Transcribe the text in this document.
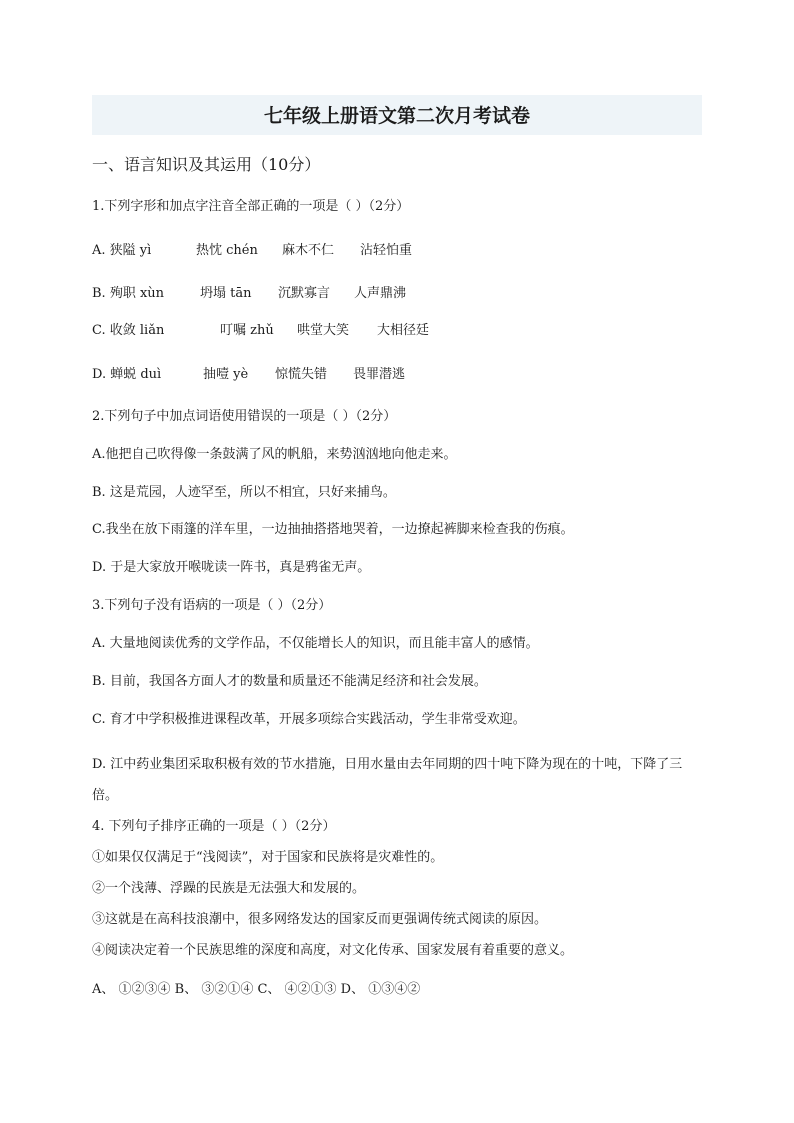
七年级上册语文第二次月考试卷
一、语言知识及其运用（10分）
1.下列字形和加点字注音全部正确的一项是（ ）（2分）
A. 狭隘 yì	热忱 chén	麻木不仁	沾轻怕重
B. 殉职 xùn	坍塌 tān	沉默寡言	人声鼎沸
C. 收敛 liǎn	叮嘱 zhǔ	哄堂大笑	大相径廷
D. 蝉蜕 duì	抽噎 yè	惊慌失错	畏罪潜逃
2.下列句子中加点词语使用错误的一项是（ ）（2分）
A.他把自己吹得像一条鼓满了风的帆船，来势汹汹地向他走来。
B. 这是荒园，人迹罕至，所以不相宜，只好来捕鸟。
C.我坐在放下雨篷的洋车里，一边抽抽搭搭地哭着，一边撩起裤脚来检查我的伤痕。
D. 于是大家放开喉咙读一阵书，真是鸦雀无声。
3.下列句子没有语病的一项是（ ）（2分）
A. 大量地阅读优秀的文学作品，不仅能增长人的知识，而且能丰富人的感情。
B. 目前，我国各方面人才的数量和质量还不能满足经济和社会发展。
C. 育才中学积极推进课程改革，开展多项综合实践活动，学生非常受欢迎。
D. 江中药业集团采取积极有效的节水措施，日用水量由去年同期的四十吨下降为现在的十吨，下降了三倍。
4. 下列句子排序正确的一项是（ ）（2分）
①如果仅仅满足于“浅阅读”，对于国家和民族将是灾难性的。
②一个浅薄、浮躁的民族是无法强大和发展的。
③这就是在高科技浪潮中，很多网络发达的国家反而更强调传统式阅读的原因。
④阅读决定着一个民族思维的深度和高度，对文化传承、国家发展有着重要的意义。
A、 ①②③④ B、 ③②①④ C、 ④②①③ D、 ①③④②
